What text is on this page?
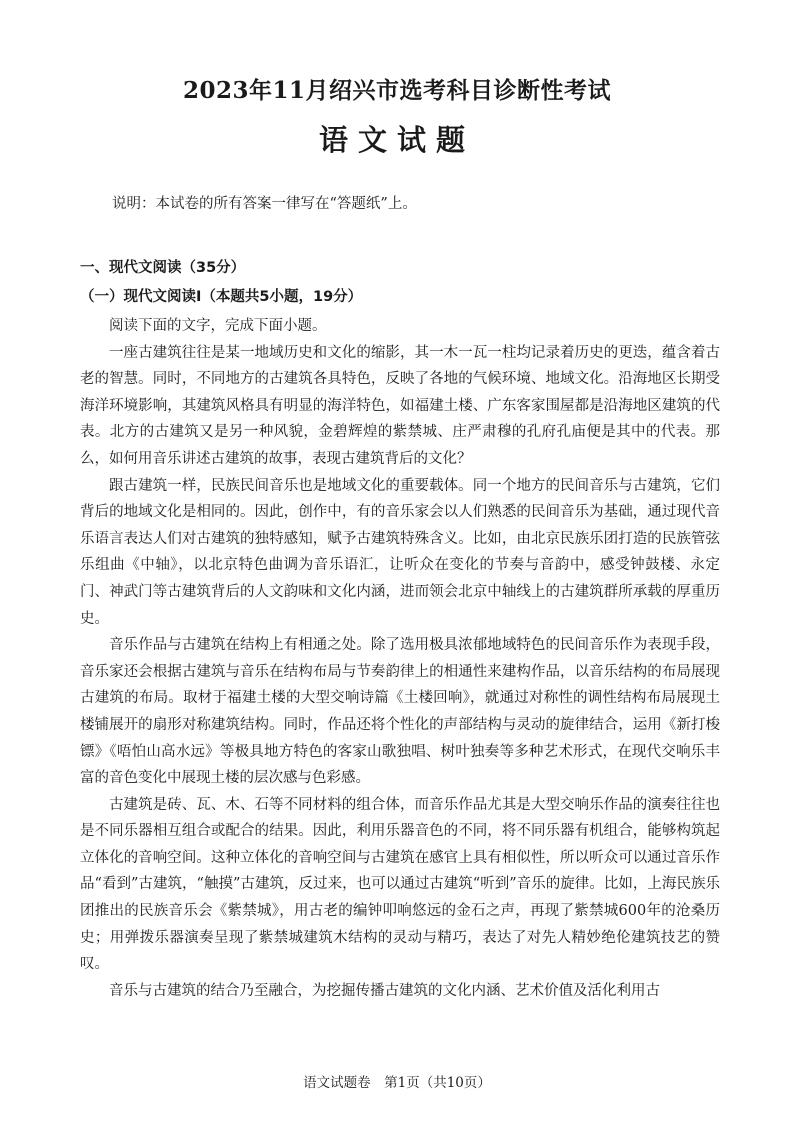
2023年11月绍兴市选考科目诊断性考试
语文试题
说明：本试卷的所有答案一律写在“答题纸”上。
一、现代文阅读（35分）
（一）现代文阅读Ⅰ（本题共5小题，19分）

阅读下面的文字，完成下面小题。

一座古建筑往往是某一地域历史和文化的缩影，其一木一瓦一柱均记录着历史的更迭，蕴含着古老的智慧。同时，不同地方的古建筑各具特色，反映了各地的气候环境、地域文化。沿海地区长期受海洋环境影响，其建筑风格具有明显的海洋特色，如福建土楼、广东客家围屋都是沿海地区建筑的代表。北方的古建筑又是另一种风貌，金碧辉煌的紫禁城、庄严肃穆的孔府孔庙便是其中的代表。那么，如何用音乐讲述古建筑的故事，表现古建筑背后的文化？

跟古建筑一样，民族民间音乐也是地域文化的重要载体。同一个地方的民间音乐与古建筑，它们背后的地域文化是相同的。因此，创作中，有的音乐家会以人们熟悉的民间音乐为基础，通过现代音乐语言表达人们对古建筑的独特感知，赋予古建筑特殊含义。比如，由北京民族乐团打造的民族管弦乐组曲《中轴》，以北京特色曲调为音乐语汇，让听众在变化的节奏与音韵中，感受钟鼓楼、永定门、神武门等古建筑背后的人文韵味和文化内涵，进而领会北京中轴线上的古建筑群所承载的厚重历史。

音乐作品与古建筑在结构上有相通之处。除了选用极具浓郁地域特色的民间音乐作为表现手段，音乐家还会根据古建筑与音乐在结构布局与节奏韵律上的相通性来建构作品，以音乐结构的布局展现古建筑的布局。取材于福建土楼的大型交响诗篇《土楼回响》，就通过对称性的调性结构布局展现土楼铺展开的扇形对称建筑结构。同时，作品还将个性化的声部结构与灵动的旋律结合，运用《新打梭镖》《唔怕山高水远》等极具地方特色的客家山歌独唱、树叶独奏等多种艺术形式，在现代交响乐丰富的音色变化中展现土楼的层次感与色彩感。

古建筑是砖、瓦、木、石等不同材料的组合体，而音乐作品尤其是大型交响乐作品的演奏往往也是不同乐器相互组合或配合的结果。因此，利用乐器音色的不同，将不同乐器有机组合，能够构筑起立体化的音响空间。这种立体化的音响空间与古建筑在感官上具有相似性，所以听众可以通过音乐作品“看到”古建筑，“触摸”古建筑，反过来，也可以通过古建筑“听到”音乐的旋律。比如，上海民族乐团推出的民族音乐会《紫禁城》，用古老的编钟叩响悠远的金石之声，再现了紫禁城600年的沧桑历史；用弹拨乐器演奏呈现了紫禁城建筑木结构的灵动与精巧，表达了对先人精妙绝伦建筑技艺的赞叹。

音乐与古建筑的结合乃至融合，为挖掘传播古建筑的文化内涵、艺术价值及活化利用古

语文试题卷　第1页（共10页）
